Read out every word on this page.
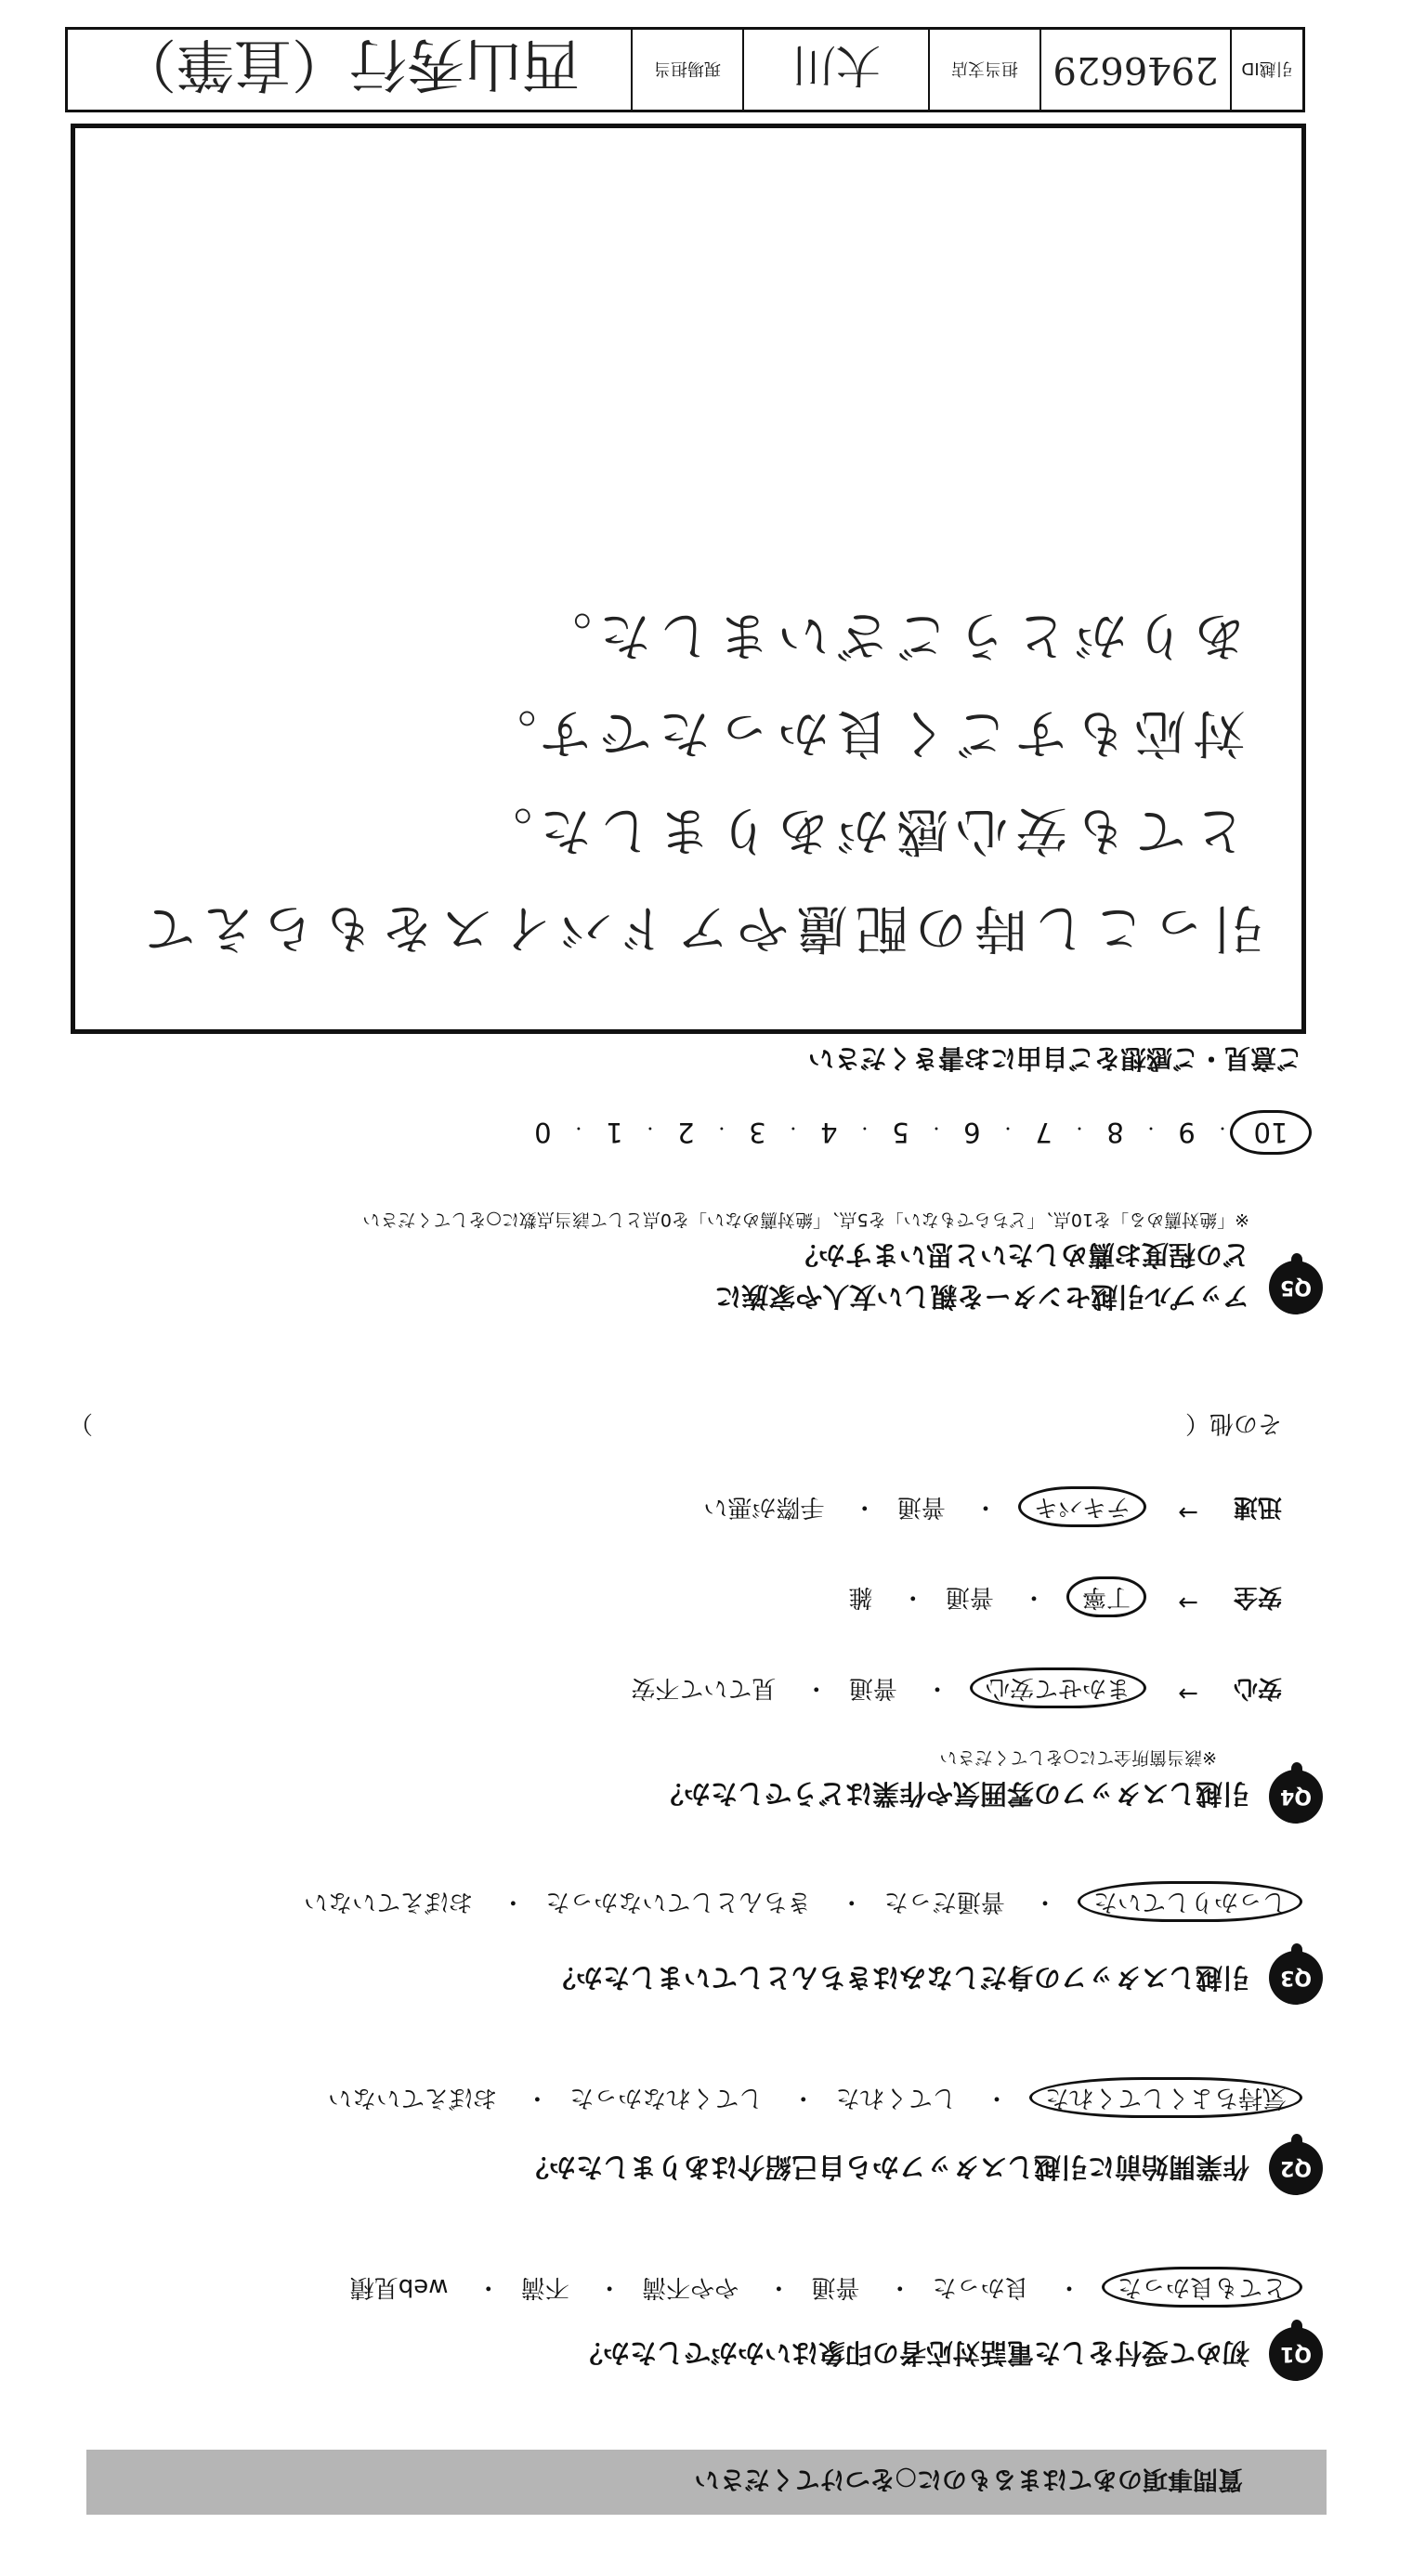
引越ID
2946629
担当支店
大川
現場担当
西山秀行（直筆）
質問事項のあてはまるものに○をつけてください
Q1
初めて受付をした電話対応者の印象はいかがでしたか？
とても良かった・ 良かった・ 普通・ やや不満・ 不満・ web見積
Q2
作業開始前に引越しスタッフから自己紹介はありましたか？
気持ちよくしてくれた・ してくれた・ してくれなかった・ おぼえていない
Q3
引越しスタッフの身だしなみはきちんとしていましたか？
しっかりしていた・ 普通だった・ きちんとしていなかった・ おぼえていない
Q4
引越しスタッフの雰囲気や作業はどうでしたか？
※該当箇所全てに○をしてください
安心
→
まかせて安心・ 普通・ 見ていて不安
安全
→
丁寧・ 普通・ 雑
迅速
→
テキパキ・ 普通・ 手際が悪い
その他（
）
Q5
アップル引越センターを親しい友人や家族に
どの程度お薦めしたいと思いますか？
※「絶対薦める」を10点、「どちらでもない」を5点、「絶対薦めない」を0点として該当点数に○をしてください
10・9・8・7・6・5・4・3・2・1・0
ご意見・ご感想をご自由にお書きください
引っこし時の配慮やアドバイスをもらえて
とても安心感がありました。
対応もすごく良かったです。
ありがとうございました。
